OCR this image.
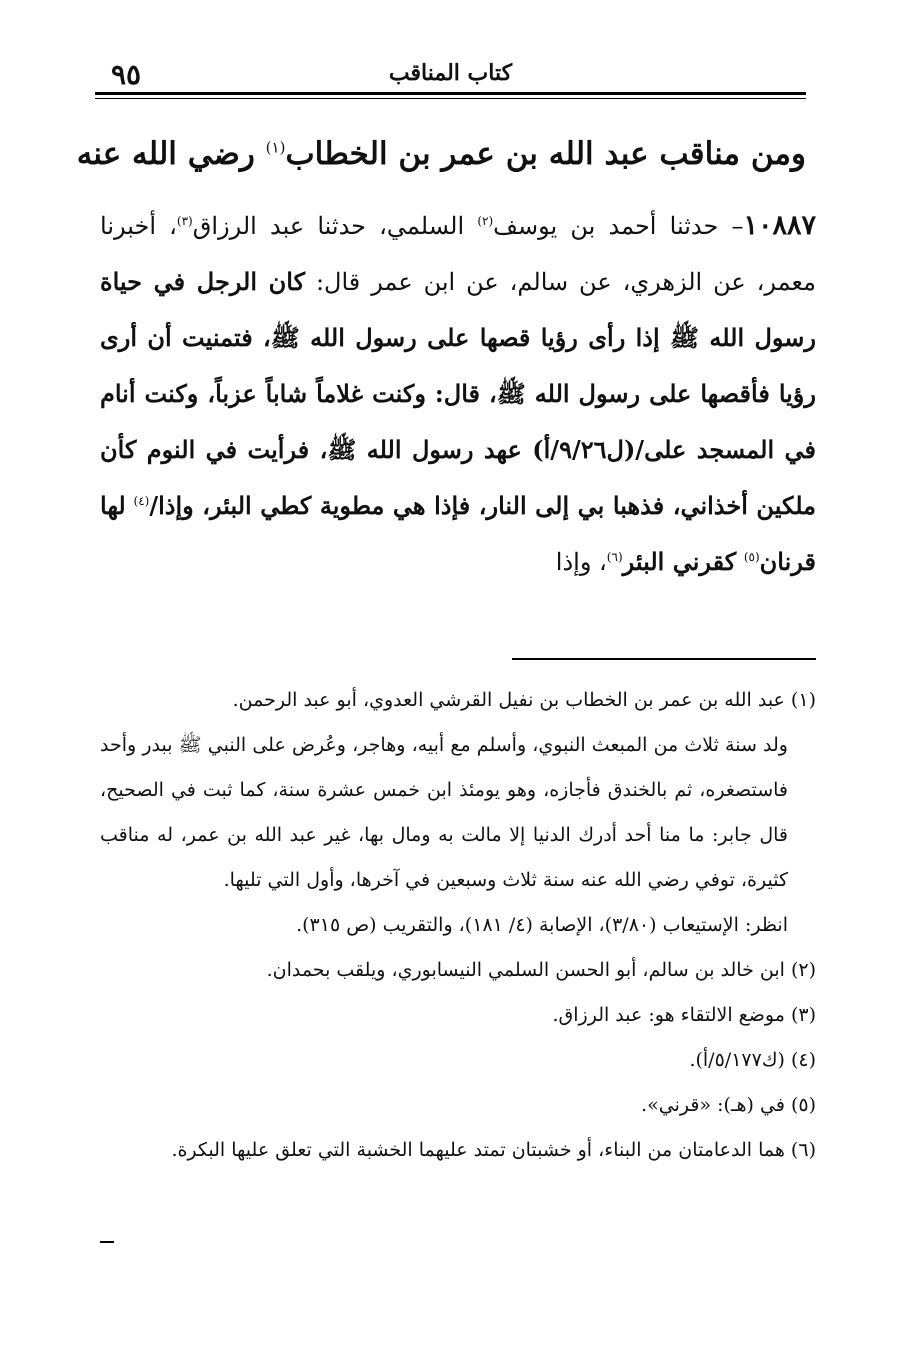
كتاب المناقب
٩٥
ومن مناقب عبد الله بن عمر بن الخطاب$^{(١)}$ رضي الله عنه
١٠٨٨٧– حدثنا أحمد بن يوسف$^{(٢)}$ السلمي، حدثنا عبد الرزاق$^{(٣)}$، أخبرنا معمر، عن الزهري، عن سالم، عن ابن عمر قال: كان الرجل في حياة رسول الله ﷺ إذا رأى رؤيا قصها على رسول الله ﷺ، فتمنيت أن أرى رؤيا فأقصها على رسول الله ﷺ، قال: وكنت غلاماً شاباً عزباً، وكنت أنام في المسجد على/(ل٩/٢٦/أ) عهد رسول الله ﷺ، فرأيت في النوم كأن ملكين أخذاني، فذهبا بي إلى النار، فإذا هي مطوية كطي البئر، وإذا/$^{(٤)}$ لها قرنان$^{(٥)}$ كقرني البئر$^{(٦)}$، وإذا

(١) عبد الله بن عمر بن الخطاب بن نفيل القرشي العدوي، أبو عبد الرحمن.

ولد سنة ثلاث من المبعث النبوي، وأسلم مع أبيه، وهاجر، وعُرض على النبي ﷺ ببدر وأحد فاستصغره، ثم بالخندق فأجازه، وهو يومئذ ابن خمس عشرة سنة، كما ثبت في الصحيح، قال جابر: ما منا أحد أدرك الدنيا إلا مالت به ومال بها، غير عبد الله بن عمر، له مناقب كثيرة، توفي رضي الله عنه سنة ثلاث وسبعين في آخرها، وأول التي تليها.

انظر: الإستيعاب (٣/٨٠)، الإصابة (٤/ ١٨١)، والتقريب (ص ٣١٥).

(٢) ابن خالد بن سالم، أبو الحسن السلمي النيسابوري، ويلقب بحمدان.

(٣) موضع الالتقاء هو: عبد الرزاق.

(٤) (ك٥/١٧٧/أ).

(٥) في (هـ): «قرني».

(٦) هما الدعامتان من البناء، أو خشبتان تمتد عليهما الخشبة التي تعلق عليها البكرة.
